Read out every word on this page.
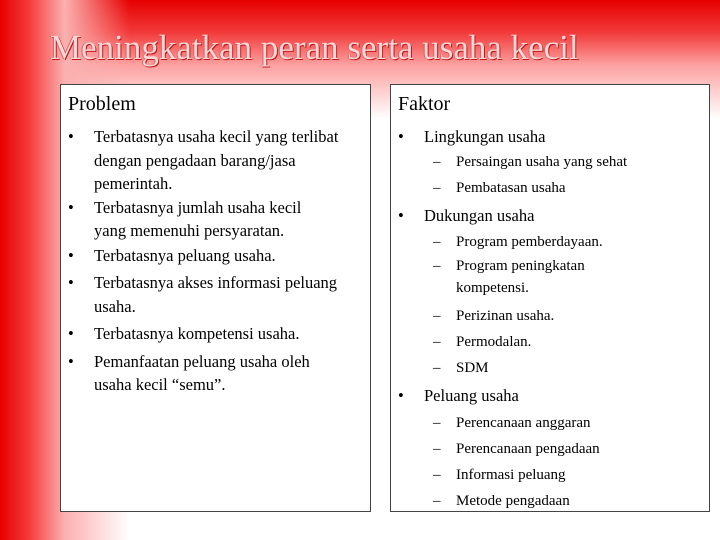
Meningkatkan peran serta usaha kecil
Problem
• Terbatasnya usaha kecil yang terlibat dengan pengadaan barang/jasa pemerintah.
• Terbatasnya jumlah usaha kecil yang memenuhi persyaratan.
• Terbatasnya peluang usaha.
• Terbatasnya akses informasi peluang usaha.
• Terbatasnya kompetensi usaha.
• Pemanfaatan peluang usaha oleh usaha kecil “semu”.
Faktor
• Lingkungan usaha
– Persaingan usaha yang sehat
– Pembatasan usaha
• Dukungan usaha
– Program pemberdayaan.
– Program peningkatan kompetensi.
– Perizinan usaha.
– Permodalan.
– SDM
• Peluang usaha
– Perencanaan anggaran
– Perencanaan pengadaan
– Informasi peluang
– Metode pengadaan
